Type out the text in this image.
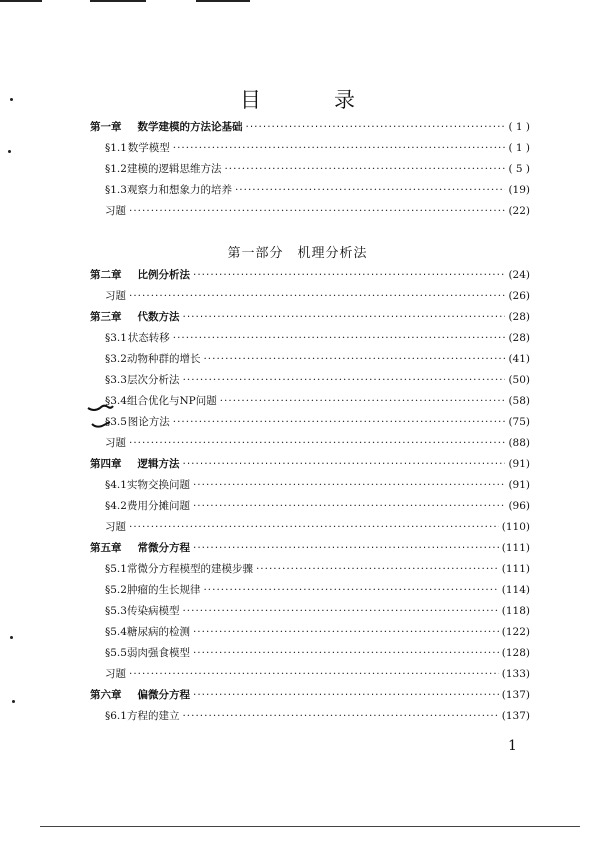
目　录
第一章 数学建模的方法论基础 ·····	( 1 )
§1.1 数学模型 ·····	( 1 )
§1.2 建模的逻辑思维方法 ·····	( 5 )
§1.3 观察力和想象力的培养 ·····	(19)
习题 ·····	(22)
第一部分　机理分析法
第二章 比例分析法 ·····	(24)
习题 ·····	(26)
第三章 代数方法 ·····	(28)
§3.1 状态转移 ·····	(28)
§3.2 动物种群的增长 ·····	(41)
§3.3 层次分析法 ·····	(50)
§3.4 组合优化与NP问题 ·····	(58)
§3.5 图论方法 ·····	(75)
习题 ·····	(88)
第四章 逻辑方法 ·····	(91)
§4.1 实物交换问题 ·····	(91)
§4.2 费用分摊问题 ·····	(96)
习题 ·····	(110)
第五章 常微分方程 ·····	(111)
§5.1 常微分方程模型的建模步骤 ·····	(111)
§5.2 肿瘤的生长规律 ·····	(114)
§5.3 传染病模型 ·····	(118)
§5.4 糖尿病的检测 ·····	(122)
§5.5 弱肉强食模型 ·····	(128)
习题 ·····	(133)
第六章 偏微分方程 ·····	(137)
§6.1 方程的建立 ·····	(137)
1
